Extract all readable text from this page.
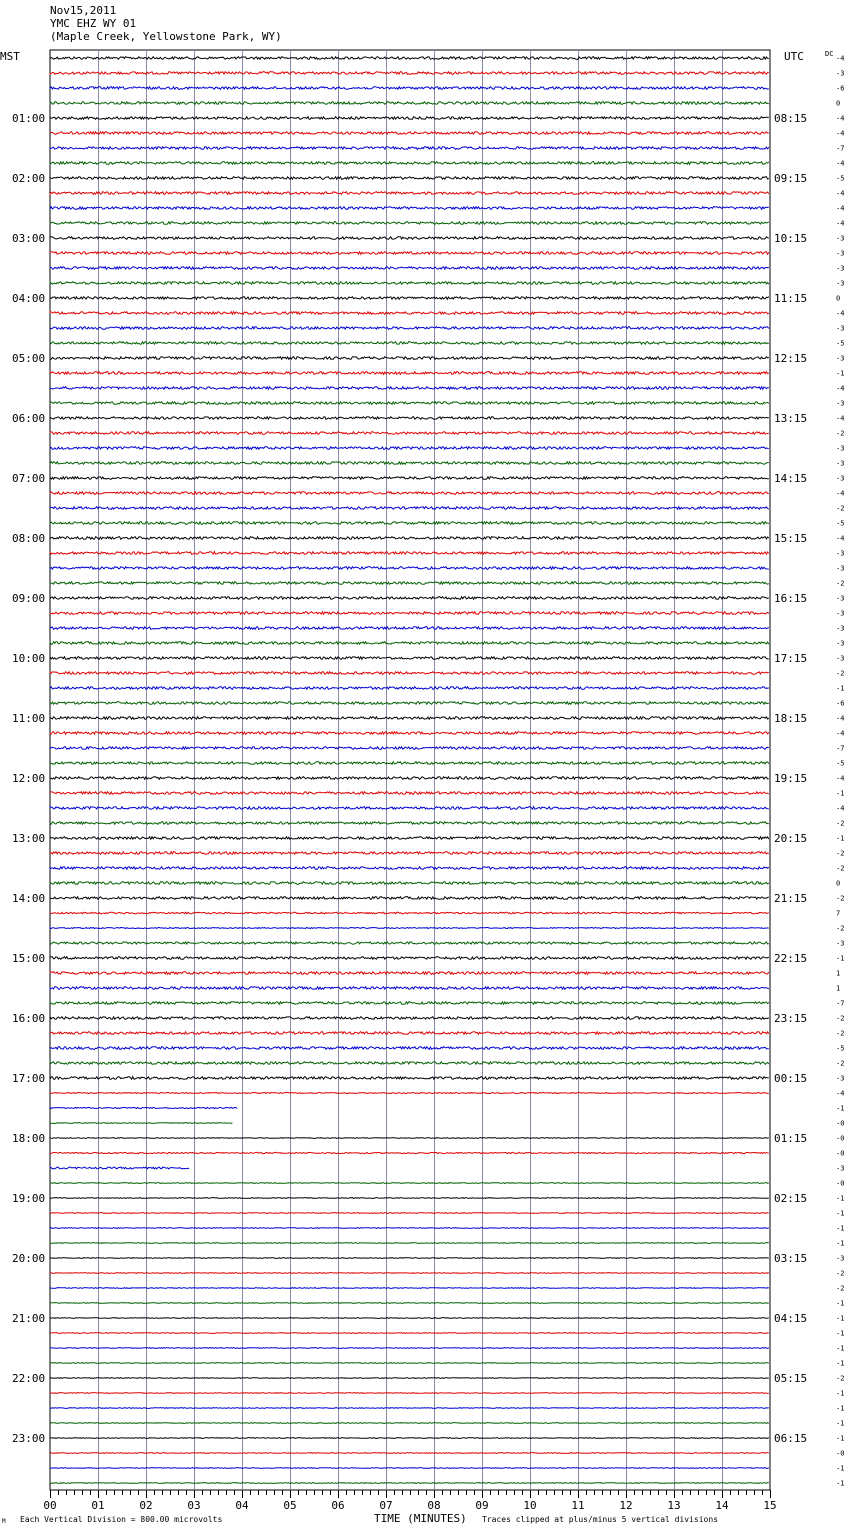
Nov15,2011
YMC EHZ WY 01
(Maple Creek, Yellowstone Park, WY)
01:00
02:00
03:00
04:00
05:00
06:00
07:00
08:00
09:00
10:00
11:00
12:00
13:00
14:00
15:00
16:00
17:00
18:00
19:00
20:00
21:00
22:00
23:00
08:15
09:15
10:15
11:15
12:15
13:15
14:15
15:15
16:15
17:15
18:15
19:15
20:15
21:15
22:15
23:15
00:15
01:15
02:15
03:15
04:15
05:15
06:15
-4
-3
-6
0
-4
-4
-7
-4
-5
-4
-4
-4
-3
-3
-3
-3
0
-4
-3
-5
-3
-1
-4
-3
-4
-2
-3
-3
-3
-4
-2
-5
-4
-3
-3
-2
-3
-3
-3
-3
-3
-2
-1
-6
-4
-4
-7
-5
-4
-1
-4
-2
-1
-2
-2
0
-2
7
-2
-3
-1
1
1
-7
-2
-2
-5
-2
-3
-4
-1
-0
-0
-0
-3
-0
-1
-1
-1
-1
-3
-2
-2
-1
-1
-1
-1
-1
-2
-1
-1
-1
-1
-0
-1
-1
00	01	02	03	04	05	06	07	08	09	10	11	12	13	14	15
MST	UTC	DC
M Each Vertical Division = 800.00 microvolts	TIME (MINUTES) Traces clipped at plus/minus 5 vertical divisions
